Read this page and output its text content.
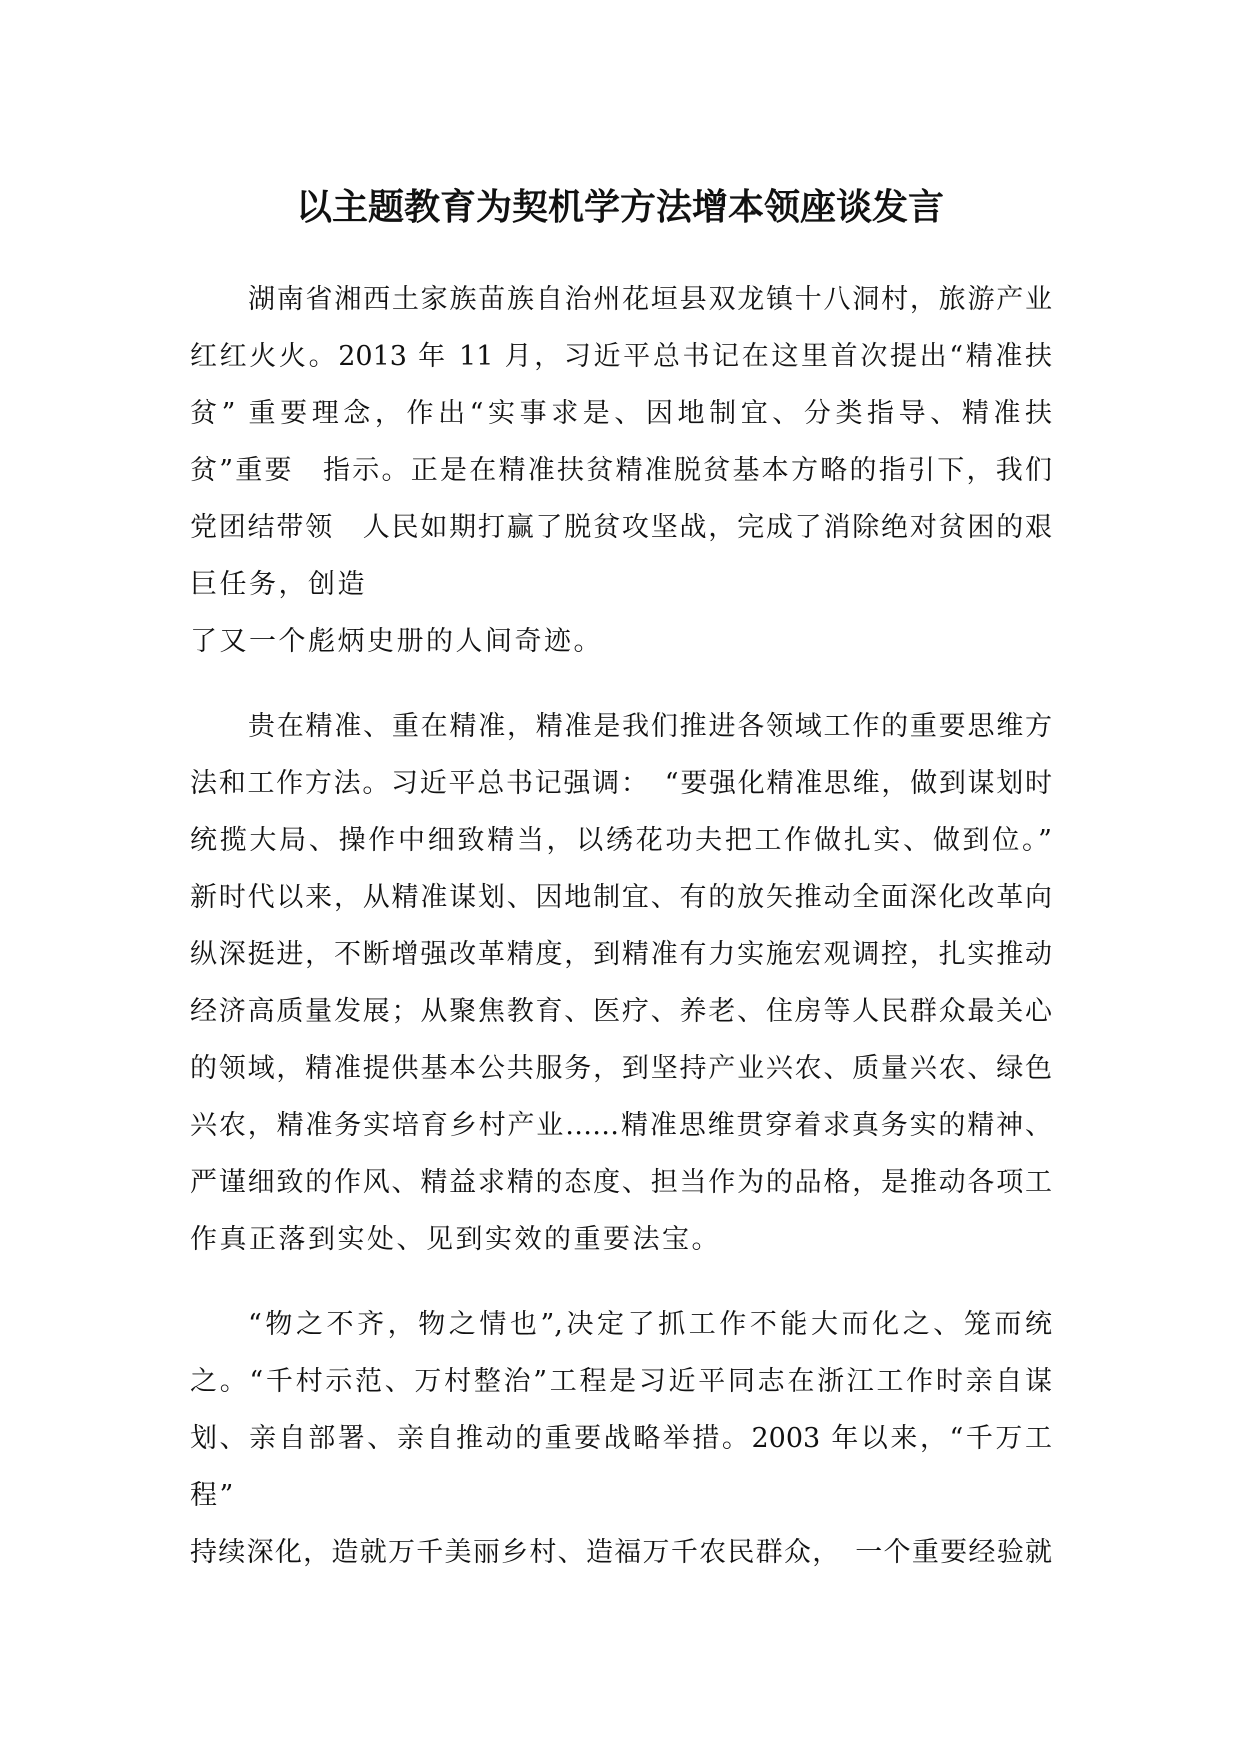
以主题教育为契机学方法增本领座谈发言
湖南省湘西土家族苗族自治州花垣县双龙镇十八洞村，旅游产业
红红火火。2013 年 11 月，习近平总书记在这里首次提出“精准扶
贫” 重要理念，作出“实事求是、因地制宜、分类指导、精准扶
贫”重要　指示。正是在精准扶贫精准脱贫基本方略的指引下，我们
党团结带领　人民如期打赢了脱贫攻坚战，完成了消除绝对贫困的艰
巨任务，创造
了又一个彪炳史册的人间奇迹。
贵在精准、重在精准，精准是我们推进各领域工作的重要思维方
法和工作方法。习近平总书记强调：　“要强化精准思维，做到谋划时
统揽大局、操作中细致精当，以绣花功夫把工作做扎实、做到位。”
新时代以来，从精准谋划、因地制宜、有的放矢推动全面深化改革向
纵深挺进，不断增强改革精度，到精准有力实施宏观调控，扎实推动
经济高质量发展；从聚焦教育、医疗、养老、住房等人民群众最关心
的领域，精准提供基本公共服务，到坚持产业兴农、质量兴农、绿色
兴农，精准务实培育乡村产业……精准思维贯穿着求真务实的精神、
严谨细致的作风、精益求精的态度、担当作为的品格，是推动各项工
作真正落到实处、见到实效的重要法宝。
“物之不齐，物之情也”,决定了抓工作不能大而化之、笼而统
之。“千村示范、万村整治”工程是习近平同志在浙江工作时亲自谋
划、亲自部署、亲自推动的重要战略举措。2003 年以来，“千万工
程”
持续深化，造就万千美丽乡村、造福万千农民群众，　一个重要经验就
